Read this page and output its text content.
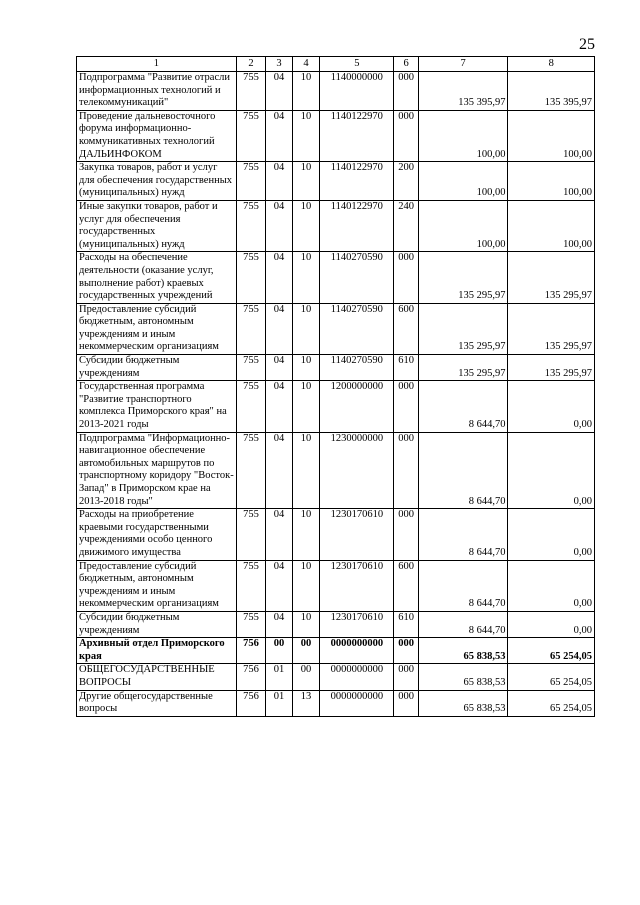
25
1	2	3	4	5	6	7	8
Подпрограмма "Развитие отрасли информационных технологий и телекоммуникаций"	755	04	10	1140000000	000	135 395,97	135 395,97
Проведение дальневосточного форума информационно-коммуникативных технологий ДАЛЬИНФОКОМ	755	04	10	1140122970	000	100,00	100,00
Закупка товаров, работ и услуг для обеспечения государственных (муниципальных) нужд	755	04	10	1140122970	200	100,00	100,00
Иные закупки товаров, работ и услуг для обеспечения государственных (муниципальных) нужд	755	04	10	1140122970	240	100,00	100,00
Расходы на обеспечение деятельности (оказание услуг, выполнение работ) краевых государственных учреждений	755	04	10	1140270590	000	135 295,97	135 295,97
Предоставление субсидий бюджетным, автономным учреждениям и иным некоммерческим организациям	755	04	10	1140270590	600	135 295,97	135 295,97
Субсидии бюджетным учреждениям	755	04	10	1140270590	610	135 295,97	135 295,97
Государственная программа "Развитие транспортного комплекса Приморского края" на 2013-2021 годы	755	04	10	1200000000	000	8 644,70	0,00
Подпрограмма "Информационно-навигационное обеспечение автомобильных маршрутов по транспортному коридору "Восток-Запад" в Приморском крае на 2013-2018 годы"	755	04	10	1230000000	000	8 644,70	0,00
Расходы на приобретение краевыми государственными учреждениями особо ценного движимого имущества	755	04	10	1230170610	000	8 644,70	0,00
Предоставление субсидий бюджетным, автономным учреждениям и иным некоммерческим организациям	755	04	10	1230170610	600	8 644,70	0,00
Субсидии бюджетным учреждениям	755	04	10	1230170610	610	8 644,70	0,00
Архивный отдел Приморского края	756	00	00	0000000000	000	65 838,53	65 254,05
ОБЩЕГОСУДАРСТВЕННЫЕ ВОПРОСЫ	756	01	00	0000000000	000	65 838,53	65 254,05
Другие общегосударственные вопросы	756	01	13	0000000000	000	65 838,53	65 254,05
